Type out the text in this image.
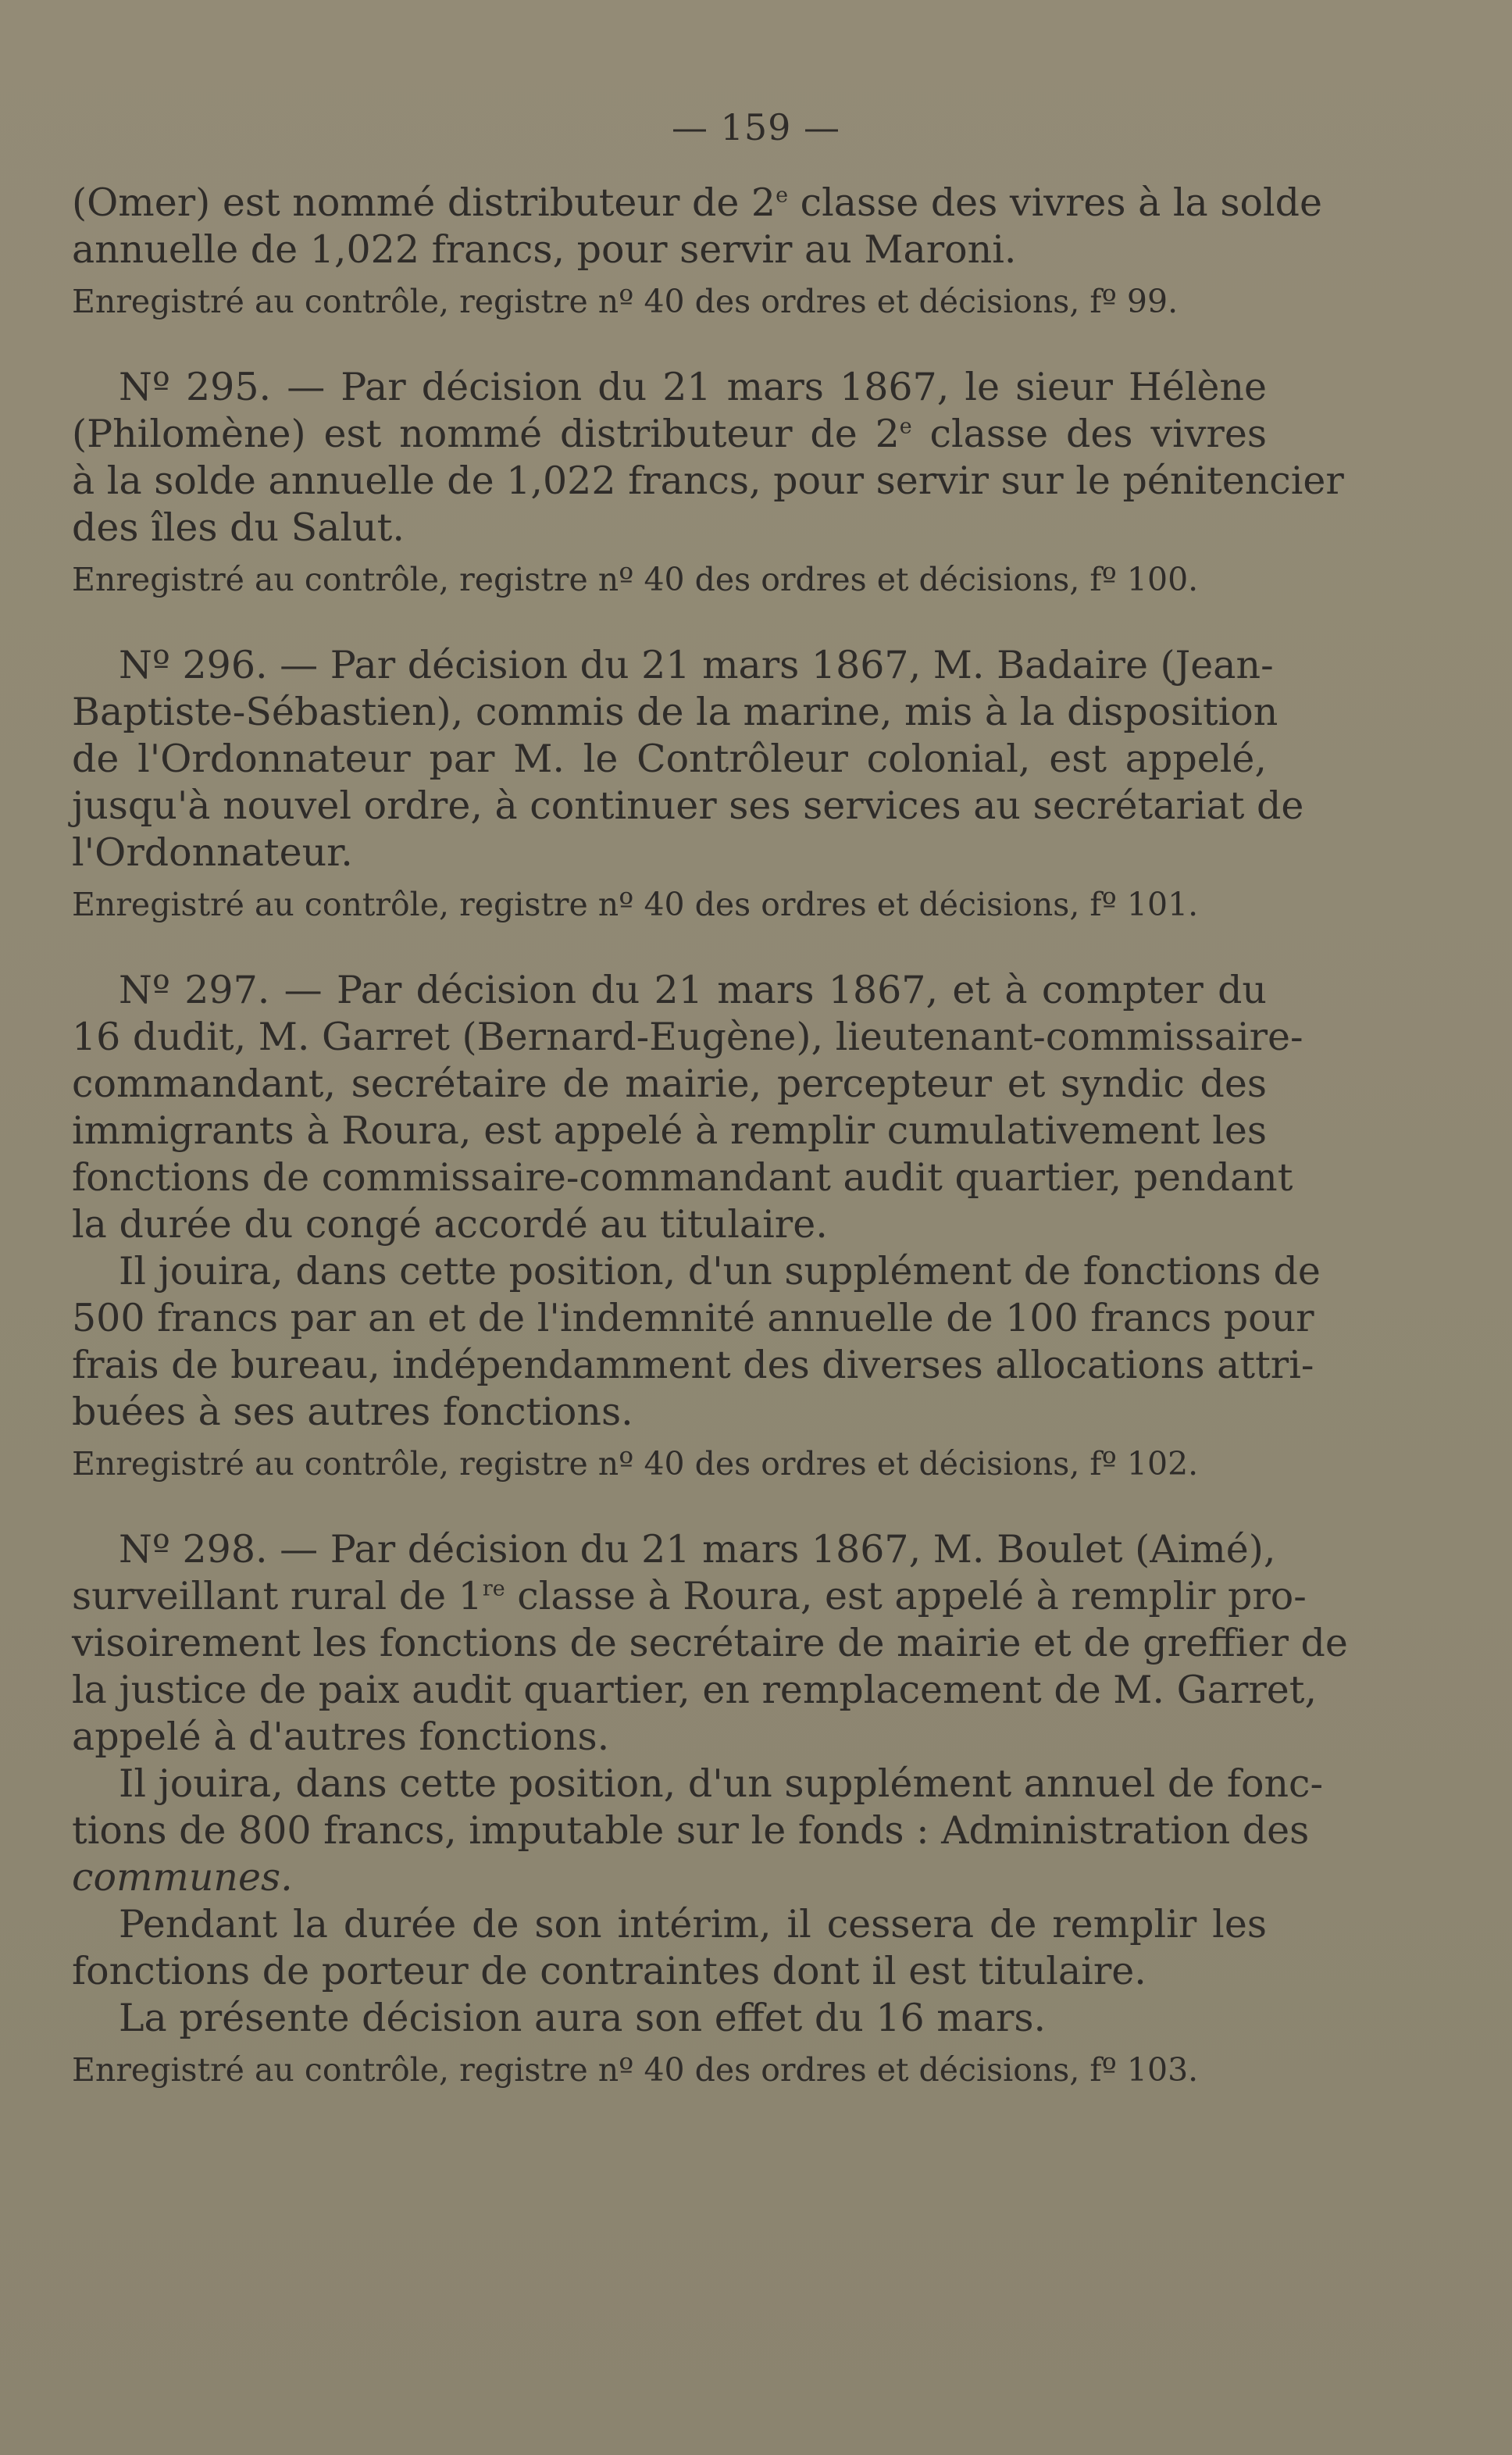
— 159 —
(Omer) est nommé distributeur de 2e classe des vivres à la solde
annuelle de 1,022 francs, pour servir au Maroni.
Enregistré au contrôle, registre nº 40 des ordres et décisions, fº 99.
Nº 295. — Par décision du 21 mars 1867, le sieur Hélène
(Philomène) est nommé distributeur de 2e classe des vivres
à la solde annuelle de 1,022 francs, pour servir sur le pénitencier
des îles du Salut.
Enregistré au contrôle, registre nº 40 des ordres et décisions, fº 100.
Nº 296. — Par décision du 21 mars 1867, M. Badaire (Jean-
Baptiste-Sébastien), commis de la marine, mis à la disposition
de l'Ordonnateur par M. le Contrôleur colonial, est appelé,
jusqu'à nouvel ordre, à continuer ses services au secrétariat de
l'Ordonnateur.
Enregistré au contrôle, registre nº 40 des ordres et décisions, fº 101.
Nº 297. — Par décision du 21 mars 1867, et à compter du
16 dudit, M. Garret (Bernard-Eugène), lieutenant-commissaire-
commandant, secrétaire de mairie, percepteur et syndic des
immigrants à Roura, est appelé à remplir cumulativement les
fonctions de commissaire-commandant audit quartier, pendant
la durée du congé accordé au titulaire.
Il jouira, dans cette position, d'un supplément de fonctions de
500 francs par an et de l'indemnité annuelle de 100 francs pour
frais de bureau, indépendamment des diverses allocations attri-
buées à ses autres fonctions.
Enregistré au contrôle, registre nº 40 des ordres et décisions, fº 102.
Nº 298. — Par décision du 21 mars 1867, M. Boulet (Aimé),
surveillant rural de 1re classe à Roura, est appelé à remplir pro-
visoirement les fonctions de secrétaire de mairie et de greffier de
la justice de paix audit quartier, en remplacement de M. Garret,
appelé à d'autres fonctions.
Il jouira, dans cette position, d'un supplément annuel de fonc-
tions de 800 francs, imputable sur le fonds : Administration des
communes.
Pendant la durée de son intérim, il cessera de remplir les
fonctions de porteur de contraintes dont il est titulaire.
La présente décision aura son effet du 16 mars.
Enregistré au contrôle, registre nº 40 des ordres et décisions, fº 103.
